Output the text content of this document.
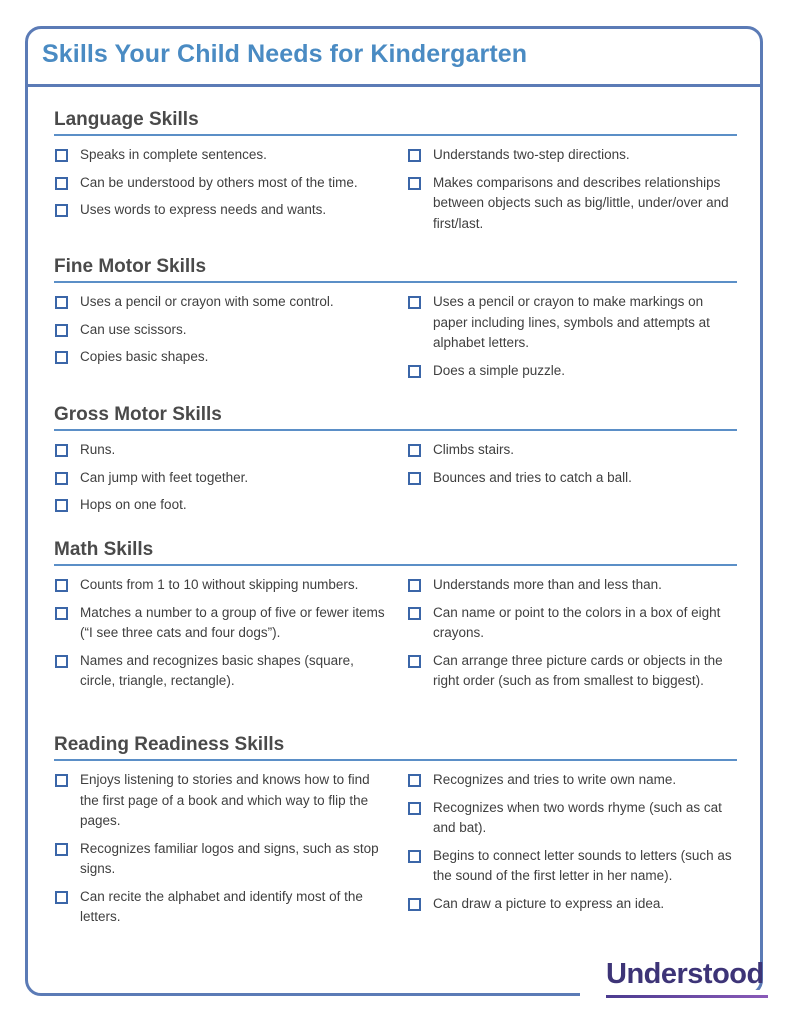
Skills Your Child Needs for Kindergarten
Language Skills
Speaks in complete sentences.
Can be understood by others most of the time.
Uses words to express needs and wants.
Understands two-step directions.
Makes comparisons and describes relationships between objects such as big/little, under/over and first/last.
Fine Motor Skills
Uses a pencil or crayon with some control.
Can use scissors.
Copies basic shapes.
Uses a pencil or crayon to make markings on paper including lines, symbols and attempts at alphabet letters.
Does a simple puzzle.
Gross Motor Skills
Runs.
Can jump with feet together.
Hops on one foot.
Climbs stairs.
Bounces and tries to catch a ball.
Math Skills
Counts from 1 to 10 without skipping numbers.
Matches a number to a group of five or fewer items (“I see three cats and four dogs”).
Names and recognizes basic shapes (square, circle, triangle, rectangle).
Understands more than and less than.
Can name or point to the colors in a box of eight crayons.
Can arrange three picture cards or objects in the right order (such as from smallest to biggest).
Reading Readiness Skills
Enjoys listening to stories and knows how to find the first page of a book and which way to flip the pages.
Recognizes familiar logos and signs, such as stop signs.
Can recite the alphabet and identify most of the letters.
Recognizes and tries to write own name.
Recognizes when two words rhyme (such as cat and bat).
Begins to connect letter sounds to letters (such as the sound of the first letter in her name).
Can draw a picture to express an idea.
Understood
